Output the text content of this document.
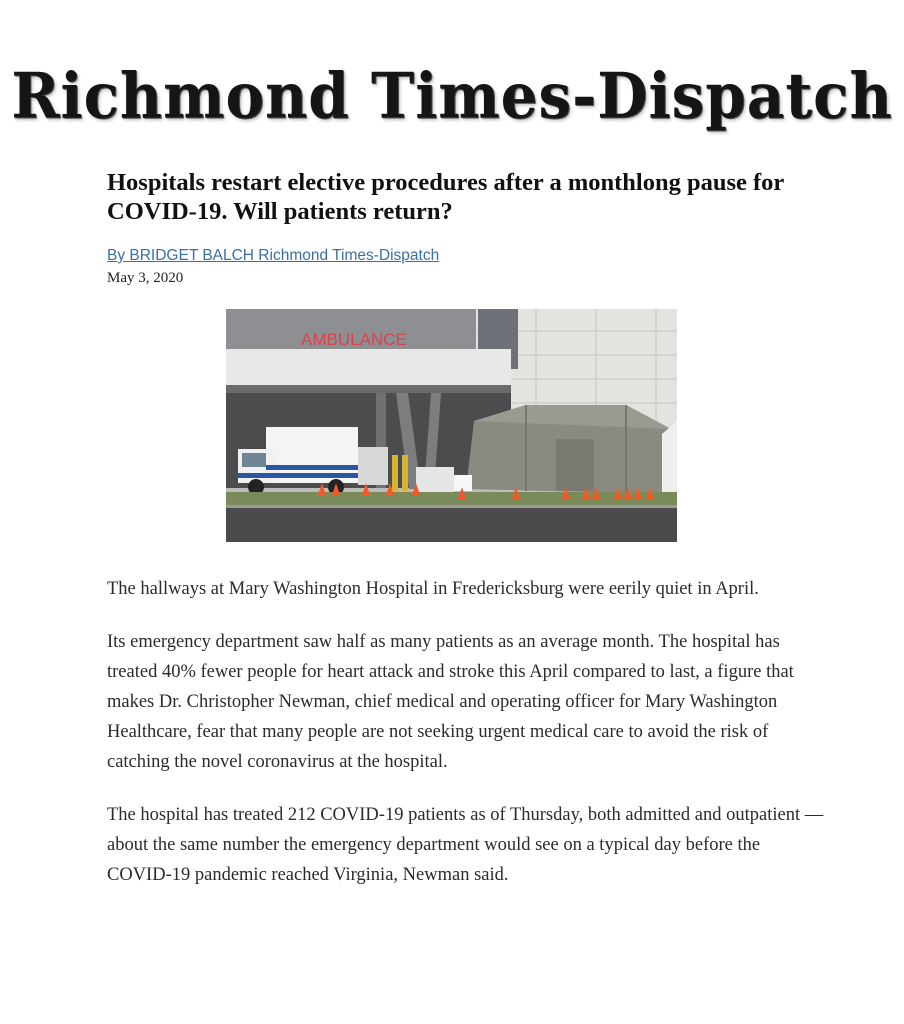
Richmond Times-Dispatch
Hospitals restart elective procedures after a monthlong pause for COVID-19. Will patients return?
By BRIDGET BALCH Richmond Times-Dispatch
May 3, 2020
AMBULANCE

The hallways at Mary Washington Hospital in Fredericksburg were eerily quiet in April.

Its emergency department saw half as many patients as an average month. The hospital has treated 40% fewer people for heart attack and stroke this April compared to last, a figure that makes Dr. Christopher Newman, chief medical and operating officer for Mary Washington Healthcare, fear that many people are not seeking urgent medical care to avoid the risk of catching the novel coronavirus at the hospital.

The hospital has treated 212 COVID-19 patients as of Thursday, both admitted and outpatient — about the same number the emergency department would see on a typical day before the COVID-19 pandemic reached Virginia, Newman said.
